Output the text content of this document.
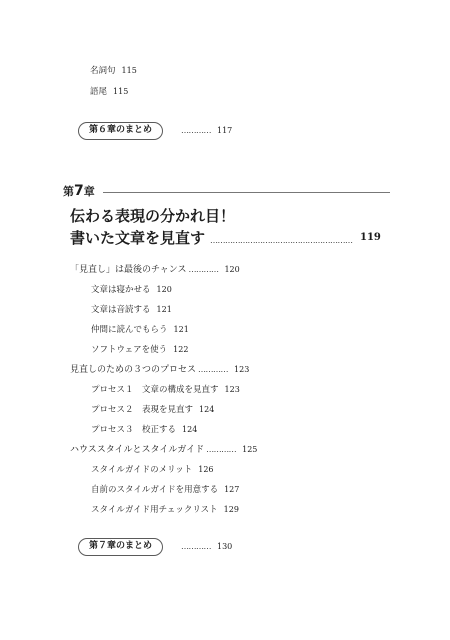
名詞句 115
語尾 115
第６章のまとめ	………… 117
第7章
伝わる表現の分かれ目！
書いた文章を見直す ………………………………………………… 119
「見直し」は最後のチャンス ………… 120
文章は寝かせる 120
文章は音読する 121
仲間に読んでもらう 121
ソフトウェアを使う 122
見直しのための３つのプロセス ………… 123
プロセス１　文章の構成を見直す 123
プロセス２　表現を見直す 124
プロセス３　校正する 124
ハウススタイルとスタイルガイド ………… 125
スタイルガイドのメリット 126
自前のスタイルガイドを用意する 127
スタイルガイド用チェックリスト 129
第７章のまとめ	………… 130
